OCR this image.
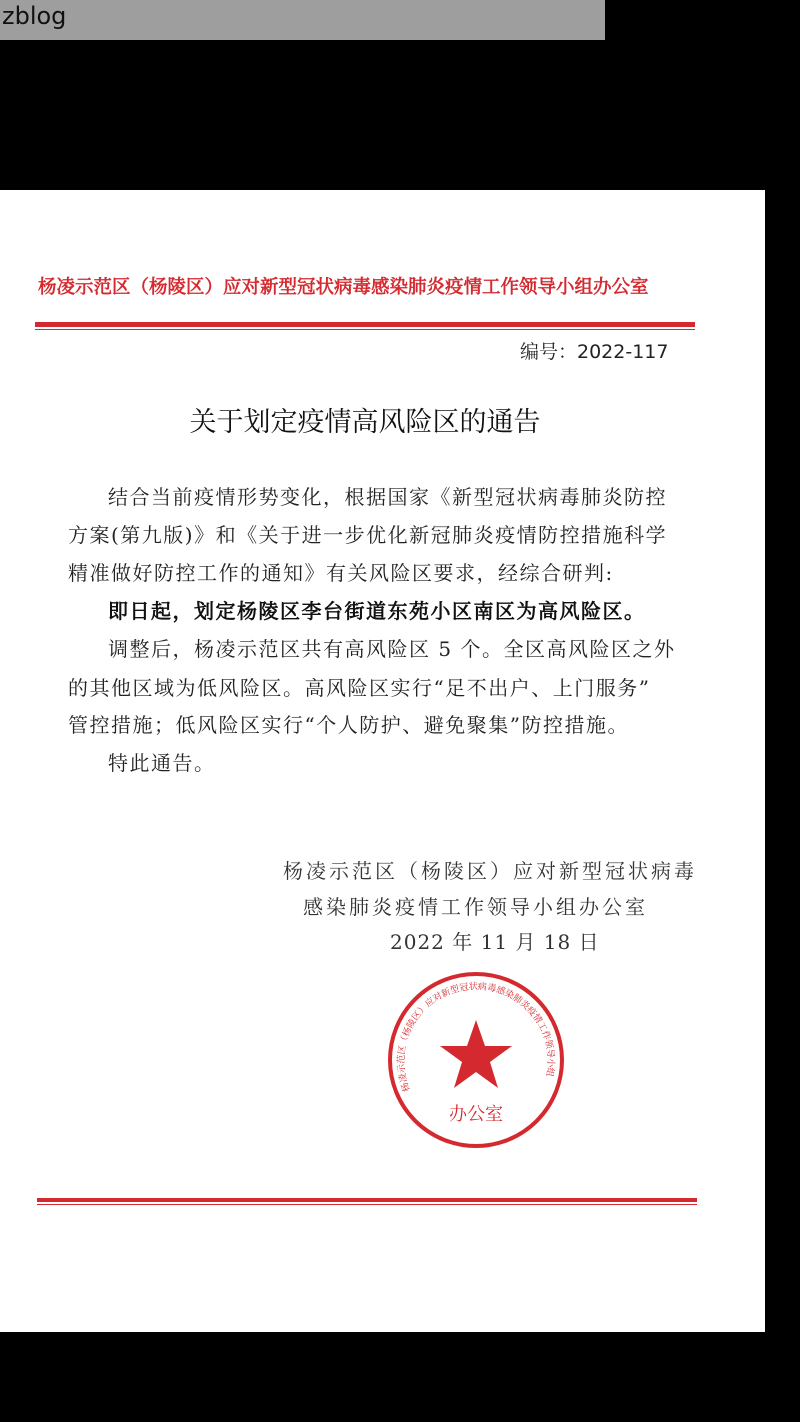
zblog
杨凌示范区（杨陵区）应对新型冠状病毒感染肺炎疫情工作领导小组办公室
编号：2022-117
关于划定疫情高风险区的通告
结合当前疫情形势变化，根据国家《新型冠状病毒肺炎防控
方案(第九版)》和《关于进一步优化新冠肺炎疫情防控措施科学
精准做好防控工作的通知》有关风险区要求，经综合研判:
即日起，划定杨陵区李台街道东苑小区南区为高风险区。
调整后，杨凌示范区共有高风险区 5 个。全区高风险区之外
的其他区域为低风险区。高风险区实行“足不出户、上门服务”
管控措施；低风险区实行“个人防护、避免聚集”防控措施。
特此通告。
杨凌示范区（杨陵区）应对新型冠状病毒
感染肺炎疫情工作领导小组办公室
2022 年 11 月 18 日
杨凌示范区（杨陵区）应对新型冠状病毒感染肺炎疫情工作领导小组
办公室
